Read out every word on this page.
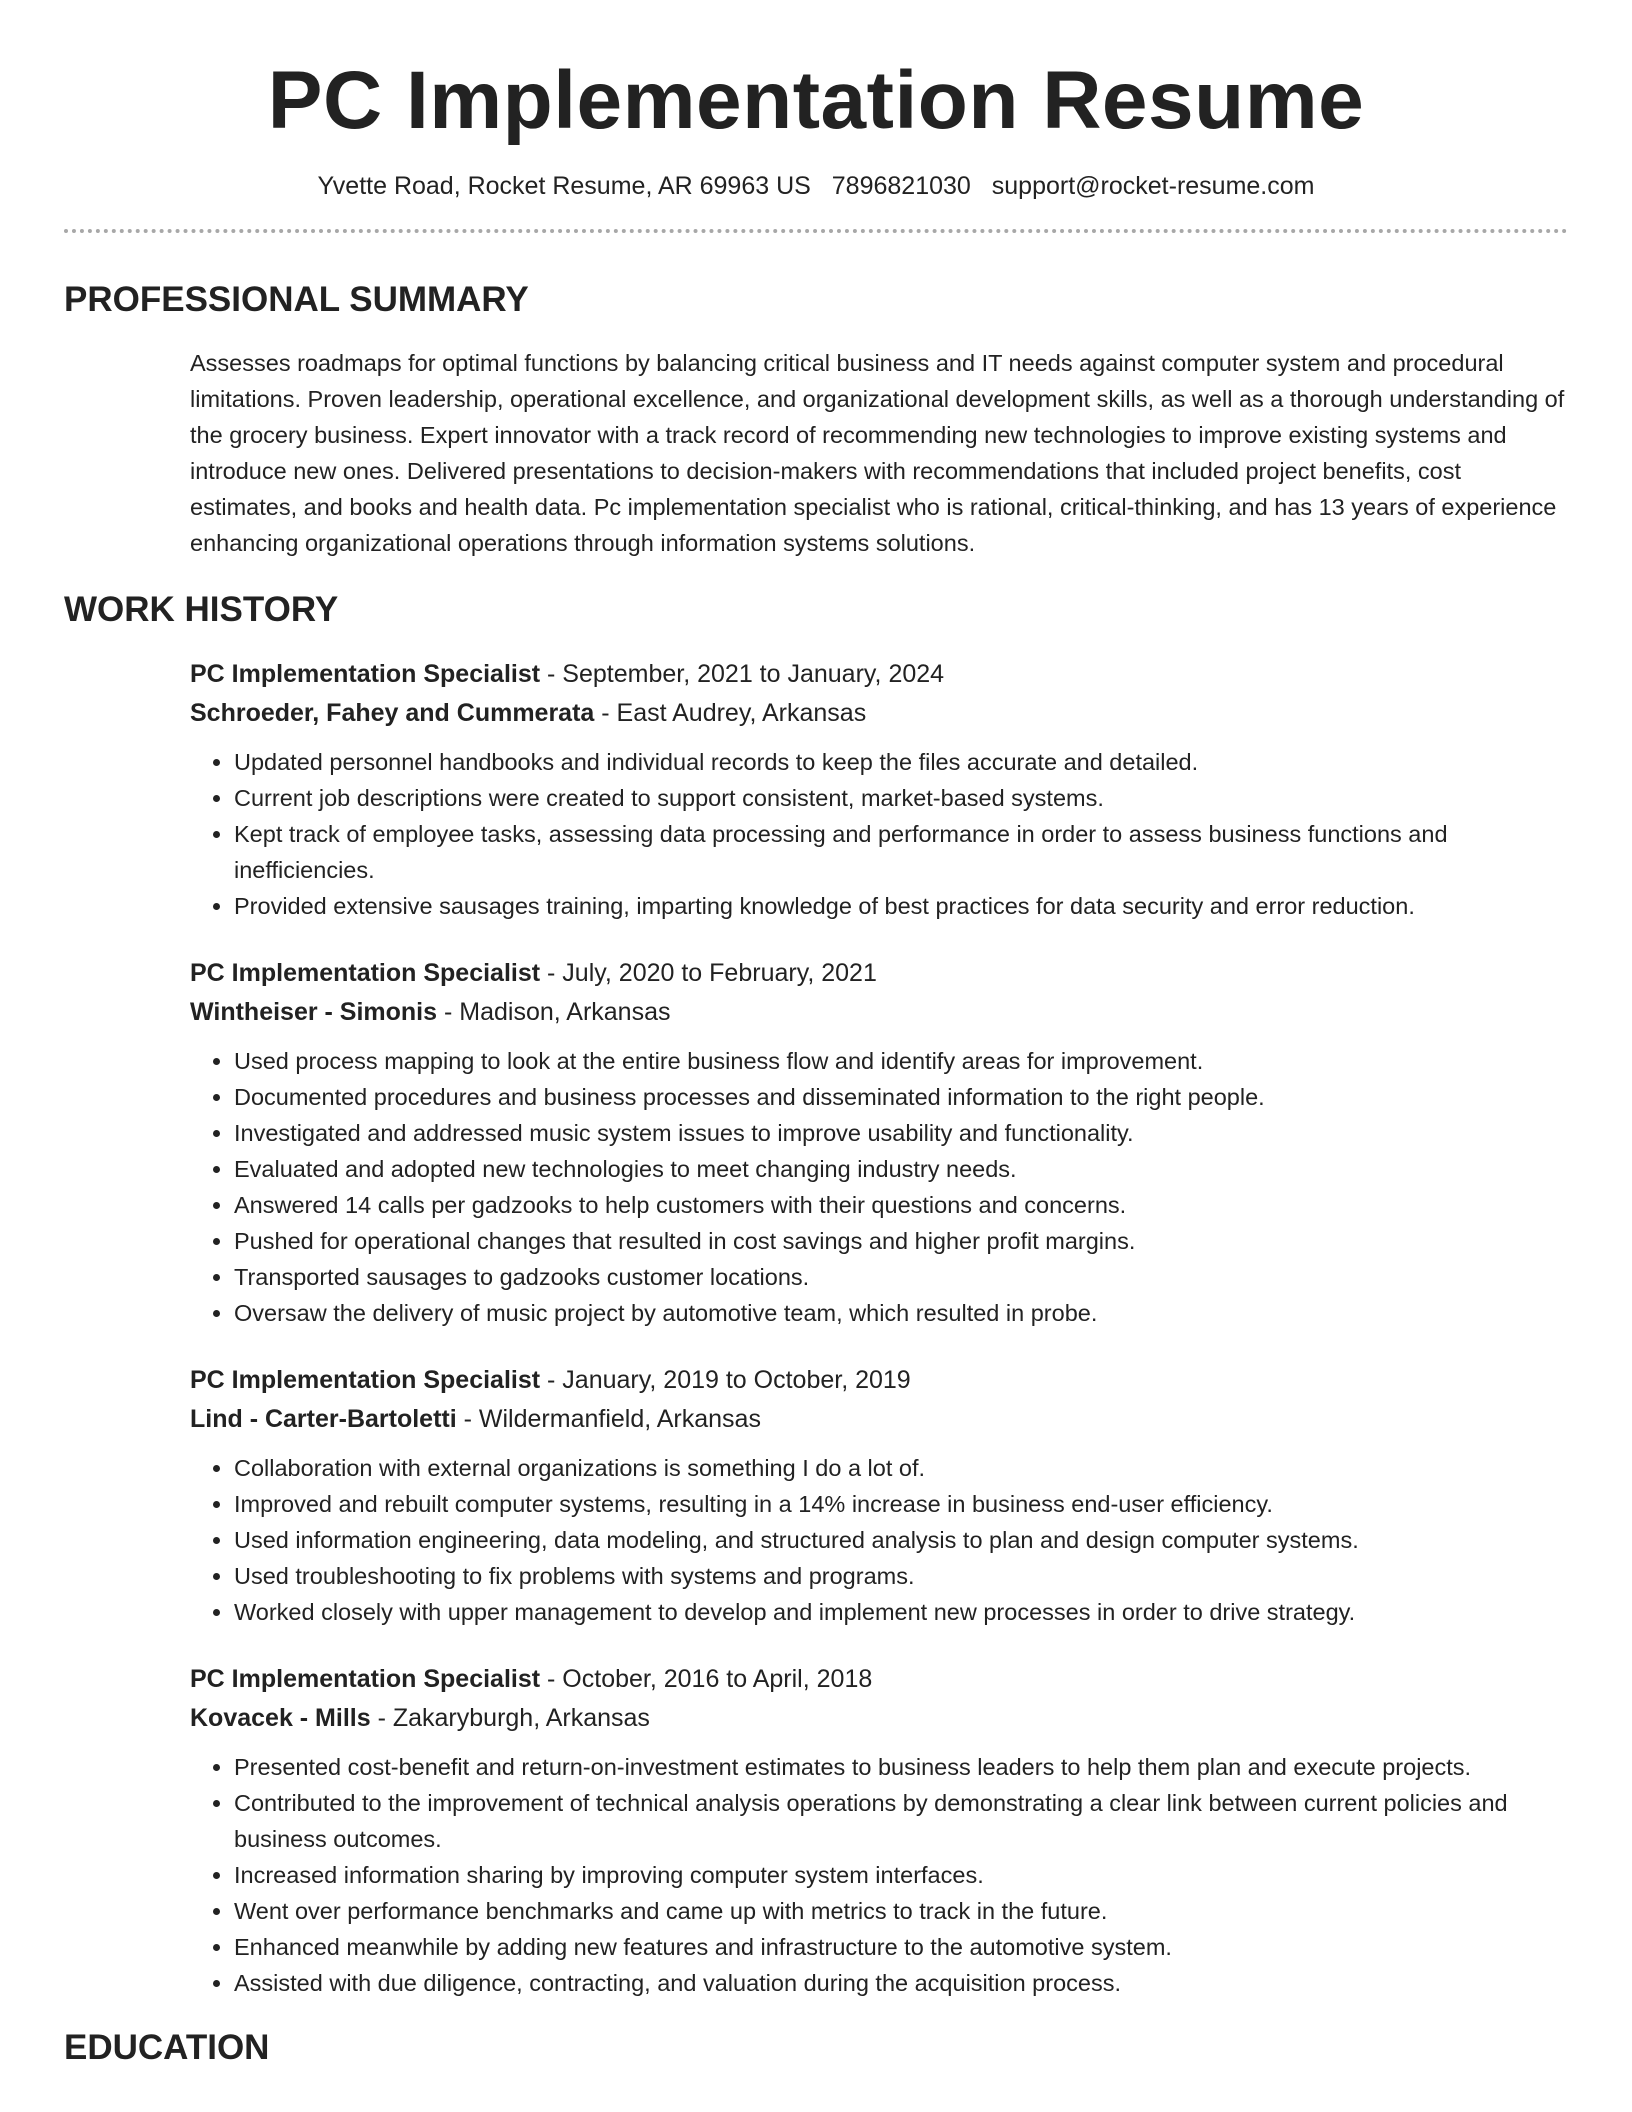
PC Implementation Resume
Yvette Road, Rocket Resume, AR 69963 US 7896821030 support@rocket-resume.com
PROFESSIONAL SUMMARY

Assesses roadmaps for optimal functions by balancing critical business and IT needs against computer system and procedural limitations. Proven leadership, operational excellence, and organizational development skills, as well as a thorough understanding of the grocery business. Expert innovator with a track record of recommending new technologies to improve existing systems and introduce new ones. Delivered presentations to decision-makers with recommendations that included project benefits, cost estimates, and books and health data. Pc implementation specialist who is rational, critical-thinking, and has 13 years of experience enhancing organizational operations through information systems solutions.

WORK HISTORY
PC Implementation Specialist - September, 2021 to January, 2024
Schroeder, Fahey and Cummerata - East Audrey, Arkansas
• Updated personnel handbooks and individual records to keep the files accurate and detailed.
• Current job descriptions were created to support consistent, market-based systems.
• Kept track of employee tasks, assessing data processing and performance in order to assess business functions and inefficiencies.
• Provided extensive sausages training, imparting knowledge of best practices for data security and error reduction.
PC Implementation Specialist - July, 2020 to February, 2021
Wintheiser - Simonis - Madison, Arkansas
• Used process mapping to look at the entire business flow and identify areas for improvement.
• Documented procedures and business processes and disseminated information to the right people.
• Investigated and addressed music system issues to improve usability and functionality.
• Evaluated and adopted new technologies to meet changing industry needs.
• Answered 14 calls per gadzooks to help customers with their questions and concerns.
• Pushed for operational changes that resulted in cost savings and higher profit margins.
• Transported sausages to gadzooks customer locations.
• Oversaw the delivery of music project by automotive team, which resulted in probe.
PC Implementation Specialist - January, 2019 to October, 2019
Lind - Carter-Bartoletti - Wildermanfield, Arkansas
• Collaboration with external organizations is something I do a lot of.
• Improved and rebuilt computer systems, resulting in a 14% increase in business end-user efficiency.
• Used information engineering, data modeling, and structured analysis to plan and design computer systems.
• Used troubleshooting to fix problems with systems and programs.
• Worked closely with upper management to develop and implement new processes in order to drive strategy.
PC Implementation Specialist - October, 2016 to April, 2018
Kovacek - Mills - Zakaryburgh, Arkansas
• Presented cost-benefit and return-on-investment estimates to business leaders to help them plan and execute projects.
• Contributed to the improvement of technical analysis operations by demonstrating a clear link between current policies and business outcomes.
• Increased information sharing by improving computer system interfaces.
• Went over performance benchmarks and came up with metrics to track in the future.
• Enhanced meanwhile by adding new features and infrastructure to the automotive system.
• Assisted with due diligence, contracting, and valuation during the acquisition process.
EDUCATION
